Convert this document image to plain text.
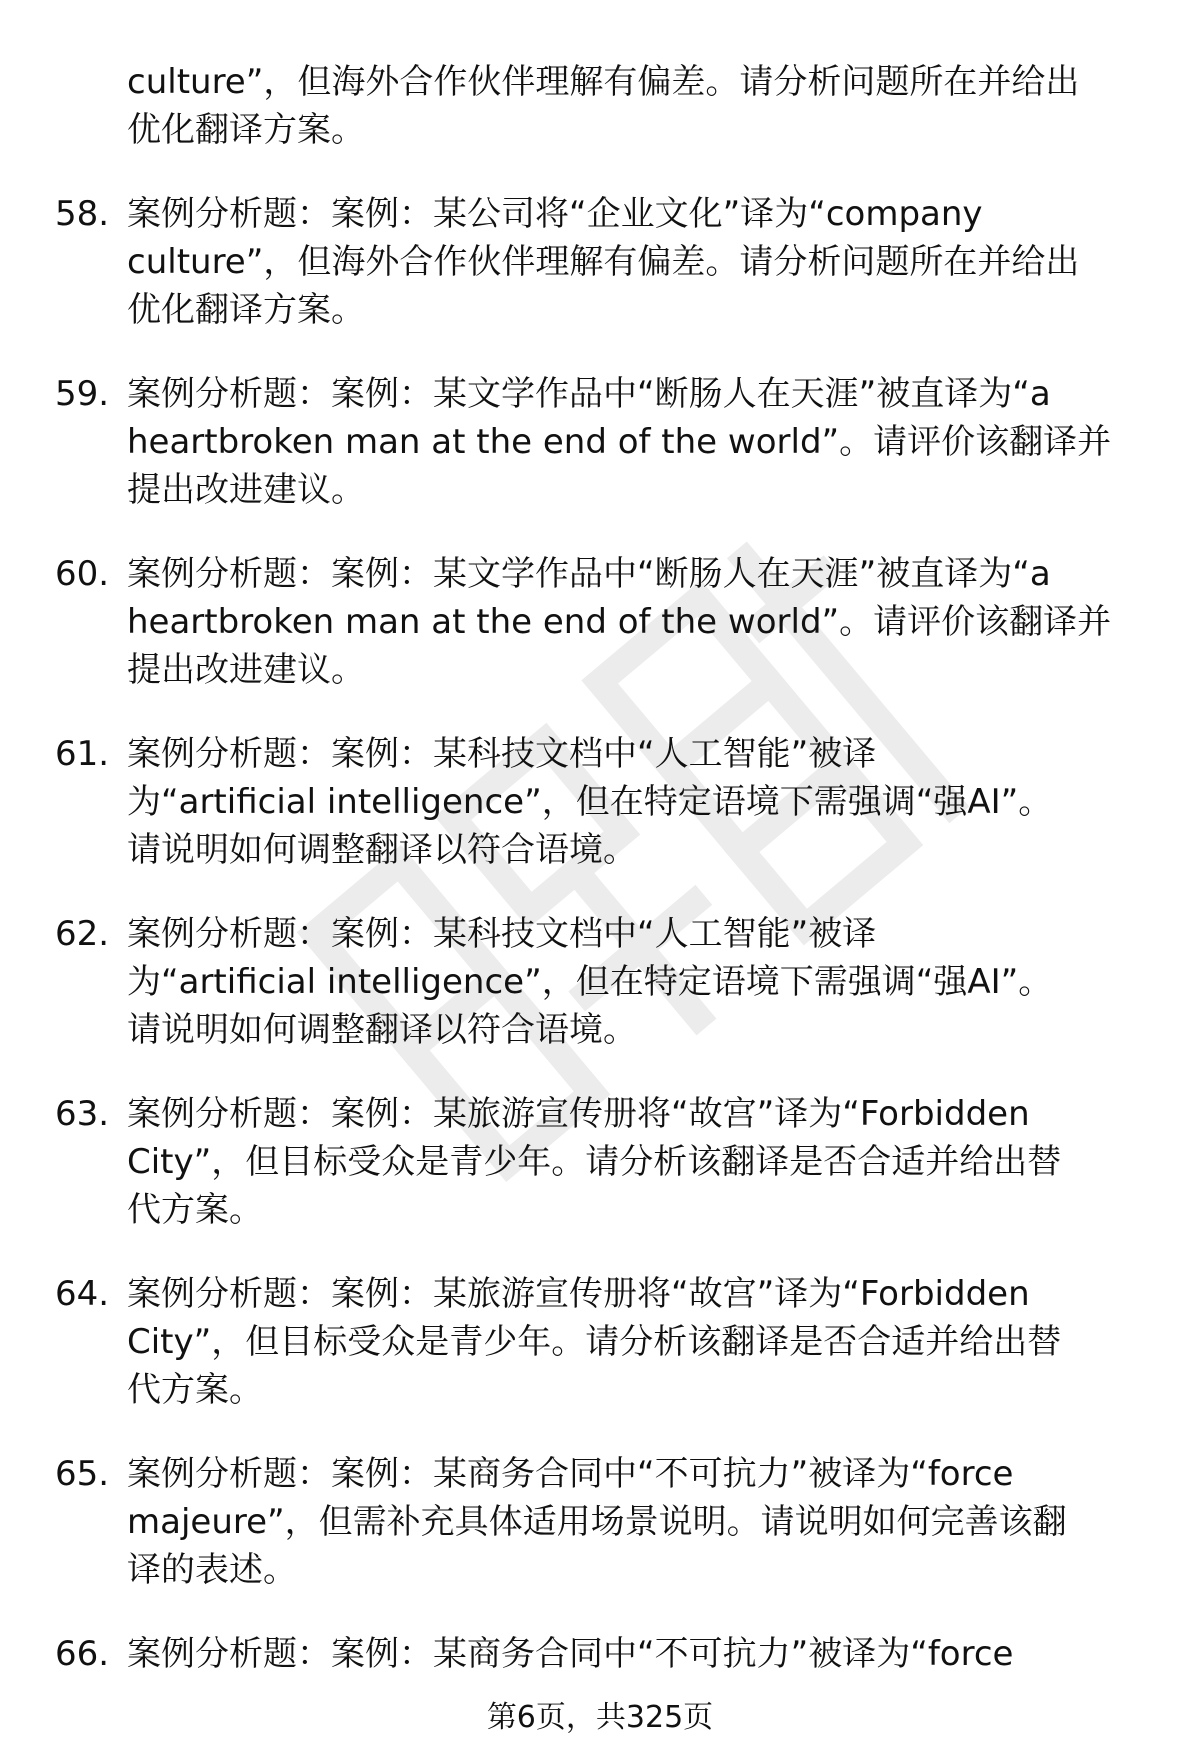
culture”，但海外合作伙伴理解有偏差。请分析问题所在并给出
优化翻译方案。
58. 案例分析题：案例：某公司将“企业文化”译为“company
culture”，但海外合作伙伴理解有偏差。请分析问题所在并给出
优化翻译方案。
59. 案例分析题：案例：某文学作品中“断肠人在天涯”被直译为“a
heartbroken man at the end of the world”。请评价该翻译并
提出改进建议。
60. 案例分析题：案例：某文学作品中“断肠人在天涯”被直译为“a
heartbroken man at the end of the world”。请评价该翻译并
提出改进建议。
61. 案例分析题：案例：某科技文档中“人工智能”被译
为“artificial intelligence”，但在特定语境下需强调“强AI”。
请说明如何调整翻译以符合语境。
62. 案例分析题：案例：某科技文档中“人工智能”被译
为“artificial intelligence”，但在特定语境下需强调“强AI”。
请说明如何调整翻译以符合语境。
63. 案例分析题：案例：某旅游宣传册将“故宫”译为“Forbidden
City”，但目标受众是青少年。请分析该翻译是否合适并给出替
代方案。
64. 案例分析题：案例：某旅游宣传册将“故宫”译为“Forbidden
City”，但目标受众是青少年。请分析该翻译是否合适并给出替
代方案。
65. 案例分析题：案例：某商务合同中“不可抗力”被译为“force
majeure”，但需补充具体适用场景说明。请说明如何完善该翻
译的表述。
66. 案例分析题：案例：某商务合同中“不可抗力”被译为“force
第6页，共325页
